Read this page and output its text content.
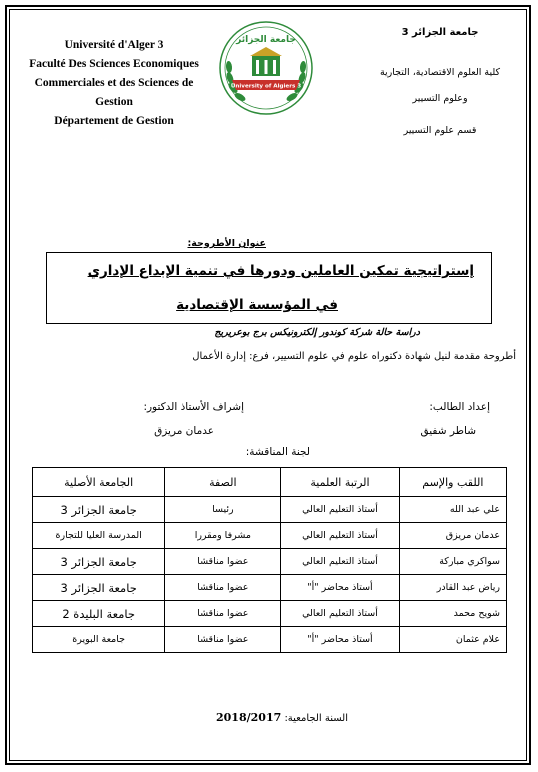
Université d'Alger 3
Faculté Des Sciences Economiques
Commerciales et des Sciences de
Gestion
Département de Gestion
جامعة الجزائر
University of Algiers 3
جامعة الجزائر 3
كلية العلوم الاقتصادية، التجارية
وعلوم التسيير
قسم علوم التسيير
عنوان الأطروحة:
إستراتيجية تمكين العاملين ودورها في تنمية الإبداع الإداري
في المؤسسة الإقتصادية
دراسة حالة شركة كوندور إلكترونيكس برج بوعريريج
أطروحة مقدمة لنيل شهادة دكتوراه علوم في علوم التسيير، فرع: إدارة الأعمال
إعداد الطالب:
شاطر شفيق
إشراف الأستاذ الدكتور:
عدمان مريزق
لجنة المناقشة:
اللقب والإسم	الرتبة العلمية	الصفة	الجامعة الأصلية
علي عبد الله	أستاذ التعليم العالي	رئيسا	جامعة الجزائر 3
عدمان مريزق	أستاذ التعليم العالي	مشرفا ومقررا	المدرسة العليا للتجارة
سواكري مباركة	أستاذ التعليم العالي	عضوا مناقشا	جامعة الجزائر 3
رياض عبد القادر	أستاذ محاضر "أ"	عضوا مناقشا	جامعة الجزائر 3
شويح محمد	أستاذ التعليم العالي	عضوا مناقشا	جامعة البليدة 2
علام عثمان	أستاذ محاضر "أ"	عضوا مناقشا	جامعة البويرة
السنة الجامعية: 2018/2017
